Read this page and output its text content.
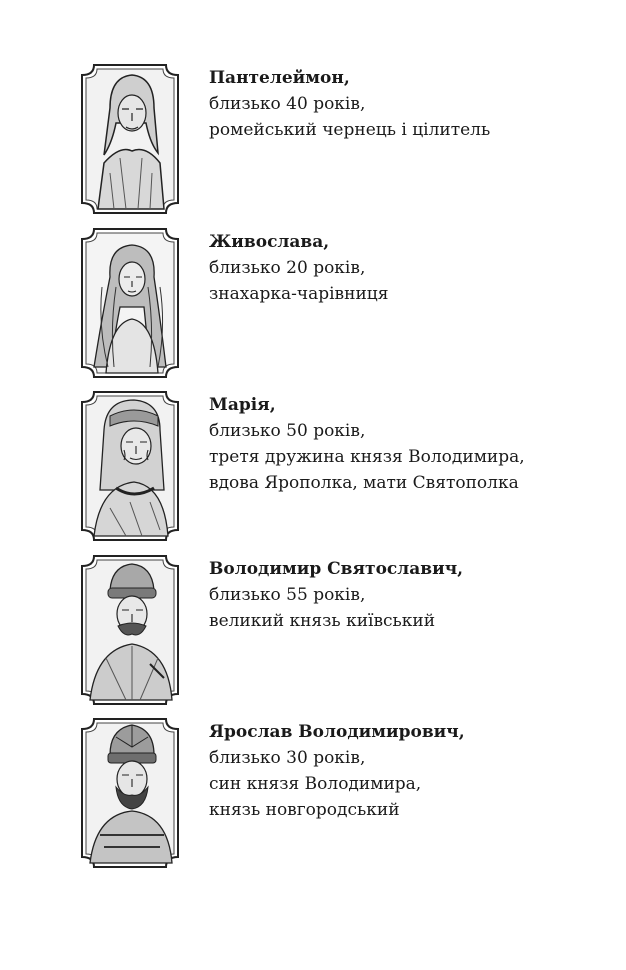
Пантелеймон,
близько 40 років,
ромейський чернець і цілитель
Живослава,
близько 20 років,
знахарка-чарівниця
Марія,
близько 50 років,
третя дружина князя Володимира,
вдова Ярополка, мати Святополка
Володимир Святославич,
близько 55 років,
великий князь київський
Ярослав Володимирович,
близько 30 років,
син князя Володимира,
князь новгородський
